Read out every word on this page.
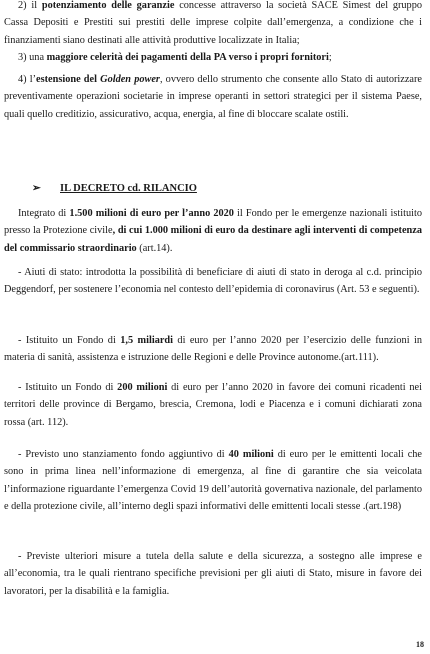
2) il potenziamento delle garanzie concesse attraverso la società SACE Simest del gruppo Cassa Depositi e Prestiti sui prestiti delle imprese colpite dall’emergenza, a condizione che i finanziamenti siano destinati alle attività produttive localizzate in Italia;

3) una maggiore celerità dei pagamenti della PA verso i propri fornitori;

4) l’estensione del Golden power, ovvero dello strumento che consente allo Stato di autorizzare preventivamente operazioni societarie in imprese operanti in settori strategici per il sistema Paese, quali quello creditizio, assicurativo, acqua, energia, al fine di bloccare scalate ostili.

➢ IL DECRETO cd. RILANCIO

Integrato di 1.500 milioni di euro per l’anno 2020 il Fondo per le emergenze nazionali istituito presso la Protezione civile, di cui 1.000 milioni di euro da destinare agli interventi di competenza del commissario straordinario (art.14).

- Aiuti di stato: introdotta la possibilità di beneficiare di aiuti di stato in deroga al c.d. principio Deggendorf, per sostenere l’economia nel contesto dell’epidemia di coronavirus (Art. 53 e seguenti).

- Istituito un Fondo di 1,5 miliardi di euro per l’anno 2020 per l’esercizio delle funzioni in materia di sanità, assistenza e istruzione delle Regioni e delle Province autonome.(art.111).

- Istituito un Fondo di 200 milioni di euro per l’anno 2020 in favore dei comuni ricadenti nei territori delle province di Bergamo, brescia, Cremona, lodi e Piacenza e i comuni dichiarati zona rossa (art. 112).

- Previsto uno stanziamento fondo aggiuntivo di 40 milioni di euro per le emittenti locali che sono in prima linea nell’informazione di emergenza, al fine di garantire che sia veicolata l’informazione riguardante l’emergenza Covid 19 dell’autorità governativa nazionale, del parlamento e della protezione civile, all’interno degli spazi informativi delle emittenti locali stesse .(art.198)

- Previste ulteriori misure a tutela della salute e della sicurezza, a sostegno alle imprese e all’economia, tra le quali rientrano specifiche previsioni per gli aiuti di Stato, misure in favore dei lavoratori, per la disabilità e la famiglia.

18
